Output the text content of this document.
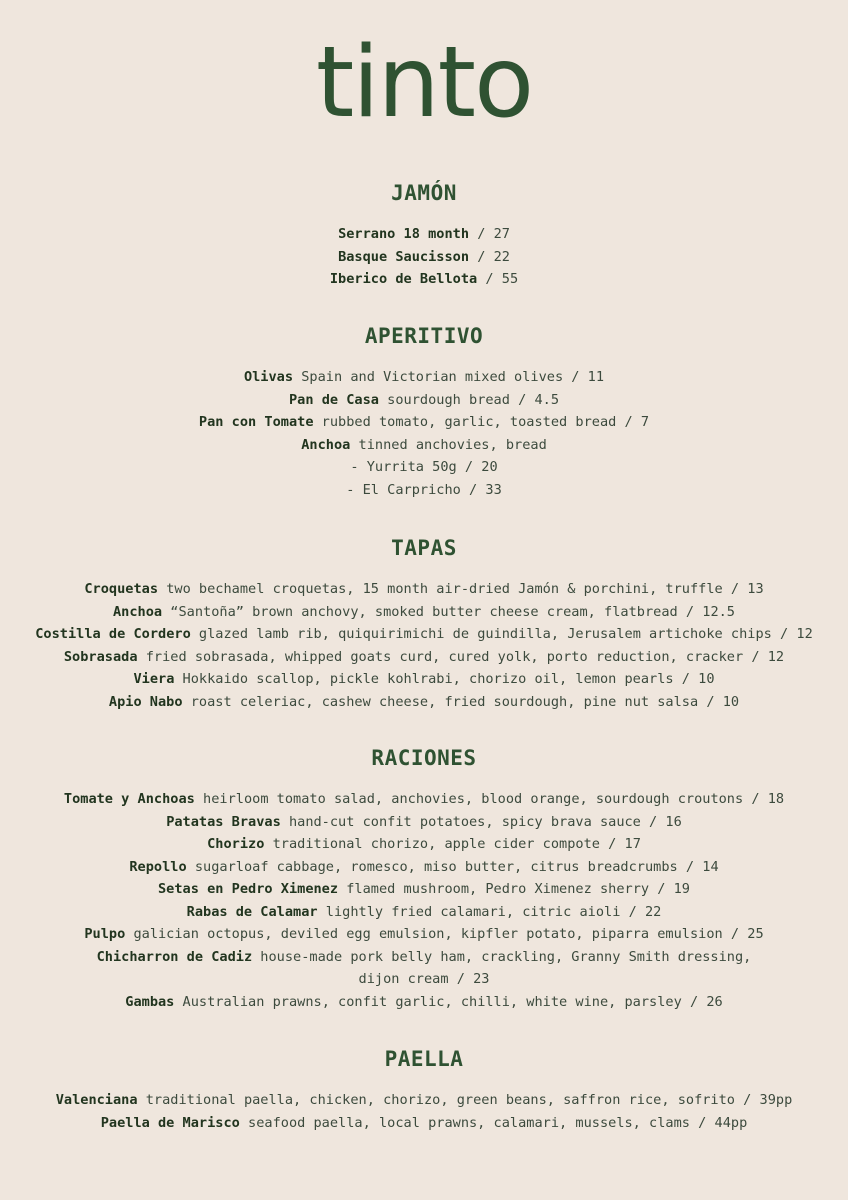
tinto
JAMÓN
Serrano 18 month / 27
Basque Saucisson / 22
Iberico de Bellota / 55
APERITIVO
Olivas Spain and Victorian mixed olives / 11
Pan de Casa sourdough bread / 4.5
Pan con Tomate rubbed tomato, garlic, toasted bread / 7
Anchoa tinned anchovies, bread
- Yurrita 50g / 20
- El Carpricho / 33
TAPAS
Croquetas two bechamel croquetas, 15 month air-dried Jamón & porchini, truffle / 13
Anchoa “Santoña” brown anchovy, smoked butter cheese cream, flatbread / 12.5
Costilla de Cordero glazed lamb rib, quiquirimichi de guindilla, Jerusalem artichoke chips / 12
Sobrasada fried sobrasada, whipped goats curd, cured yolk, porto reduction, cracker / 12
Viera Hokkaido scallop, pickle kohlrabi, chorizo oil, lemon pearls / 10
Apio Nabo roast celeriac, cashew cheese, fried sourdough, pine nut salsa / 10
RACIONES
Tomate y Anchoas heirloom tomato salad, anchovies, blood orange, sourdough croutons / 18
Patatas Bravas hand-cut confit potatoes, spicy brava sauce / 16
Chorizo traditional chorizo, apple cider compote / 17
Repollo sugarloaf cabbage, romesco, miso butter, citrus breadcrumbs / 14
Setas en Pedro Ximenez flamed mushroom, Pedro Ximenez sherry / 19
Rabas de Calamar lightly fried calamari, citric aioli / 22
Pulpo galician octopus, deviled egg emulsion, kipfler potato, piparra emulsion / 25
Chicharron de Cadiz house-made pork belly ham, crackling, Granny Smith dressing,
dijon cream / 23
Gambas Australian prawns, confit garlic, chilli, white wine, parsley / 26
PAELLA
Valenciana traditional paella, chicken, chorizo, green beans, saffron rice, sofrito / 39pp
Paella de Marisco seafood paella, local prawns, calamari, mussels, clams / 44pp
